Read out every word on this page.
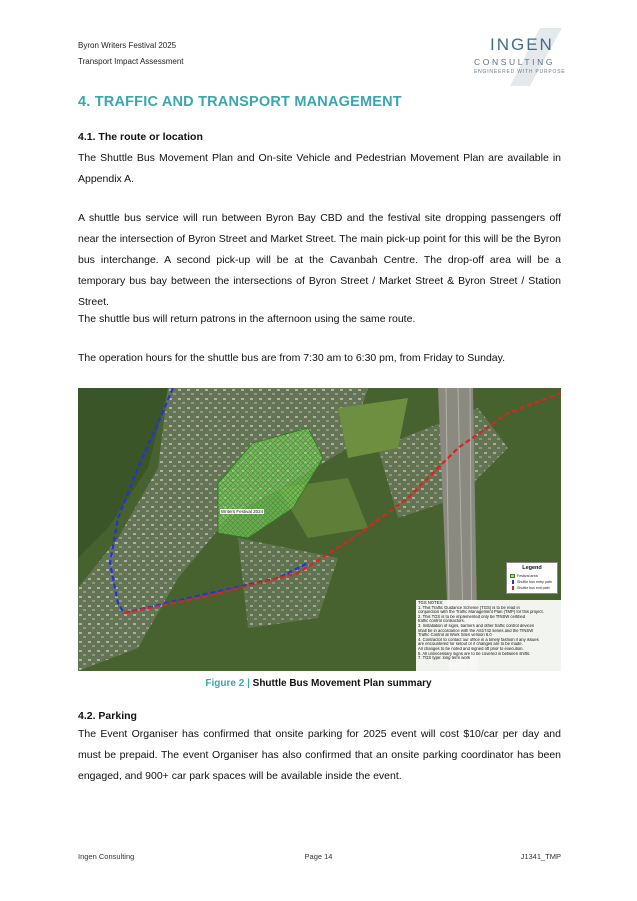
Byron Writers Festival 2025
Transport Impact Assessment
INGEN
CONSULTING
ENGINEERED WITH PURPOSE
4. TRAFFIC AND TRANSPORT MANAGEMENT
4.1. The route or location

The Shuttle Bus Movement Plan and On-site Vehicle and Pedestrian Movement Plan are available in Appendix A.

A shuttle bus service will run between Byron Bay CBD and the festival site dropping passengers off near the intersection of Byron Street and Market Street. The main pick-up point for this will be the Byron bus interchange. A second pick-up will be at the Cavanbah Centre. The drop-off area will be a temporary bus bay between the intersections of Byron Street / Market Street & Byron Street / Station Street.

The shuttle bus will return patrons in the afternoon using the same route.

The operation hours for the shuttle bus are from 7:30 am to 6:30 pm, from Friday to Sunday.

Writers Festival 2024
Legend
Festival area
Shuttle bus entry path
Shuttle bus exit path
TGS NOTES:
1. This Traffic Guidance Scheme (TGS) is to be read in
conjunction with the Traffic Management Plan (TMP) for this project.
2. This TGS is to be implemented only be TfNSW certified
traffic control contractors.
3. Installation of signs, barriers and other traffic control devices
shall be in accordance with the AS1742 series and the TfNSW
Traffic Control at Work Sites version 6.0
4. Contractor to contact our office in a timely fashion if any issues
are encountered for setout or if changes are to be made.
All changes to be noted and signed off prior to execution.
5. All unnecessary signs are to be covered in between shifts.
7. TGS type: long term work
Figure 2 | Shuttle Bus Movement Plan summary
4.2. Parking

The Event Organiser has confirmed that onsite parking for 2025 event will cost $10/car per day and must be prepaid. The event Organiser has also confirmed that an onsite parking coordinator has been engaged, and 900+ car park spaces will be available inside the event.

Ingen Consulting	Page 14	J1341_TMP
